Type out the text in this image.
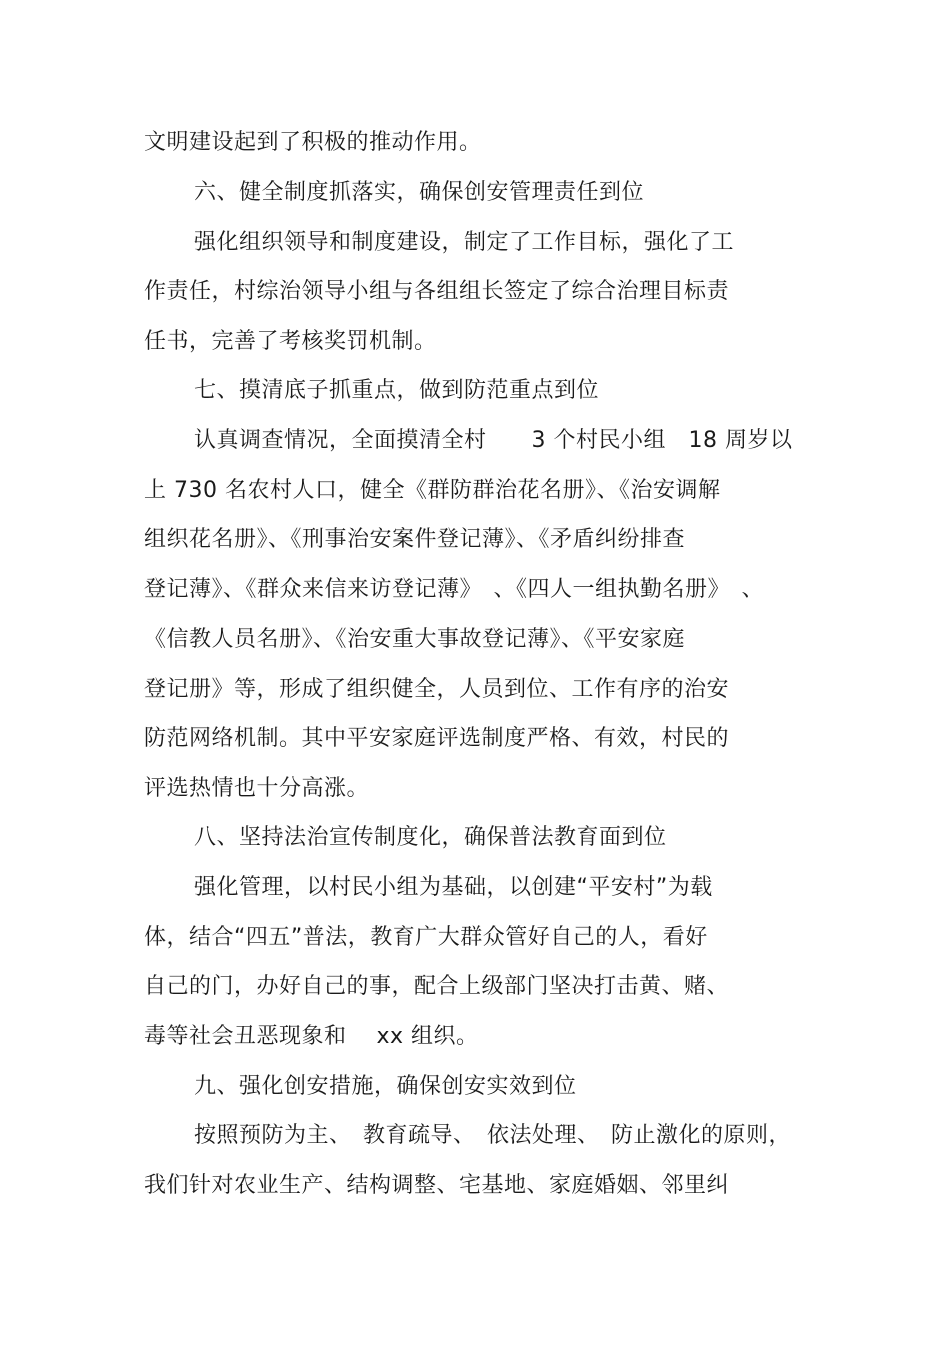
文明建设起到了积极的推动作用。
六、健全制度抓落实，确保创安管理责任到位
强化组织领导和制度建设，制定了工作目标，强化了工
作责任，村综治领导小组与各组组长签定了综合治理目标责
任书，完善了考核奖罚机制。
七、摸清底子抓重点，做到防范重点到位
认真调查情况，全面摸清全村　　3 个村民小组　18 周岁以
上 730 名农村人口，健全《群防群治花名册》、《治安调解
组织花名册》、《刑事治安案件登记薄》、《矛盾纠纷排查
登记薄》、《群众来信来访登记薄》　、《四人一组执勤名册》　、
《信教人员名册》、《治安重大事故登记薄》、《平安家庭
登记册》等，形成了组织健全，人员到位、工作有序的治安
防范网络机制。其中平安家庭评选制度严格、有效，村民的
评选热情也十分高涨。
八、坚持法治宣传制度化，确保普法教育面到位
强化管理，以村民小组为基础，以创建“平安村”为载
体，结合“四五”普法，教育广大群众管好自己的人，看好
自己的门，办好自己的事，配合上级部门坚决打击黄、赌、
毒等社会丑恶现象和　 xx 组织。
九、强化创安措施，确保创安实效到位
按照预防为主、　教育疏导、　依法处理、　防止激化的原则，
我们针对农业生产、结构调整、宅基地、家庭婚姻、邻里纠
